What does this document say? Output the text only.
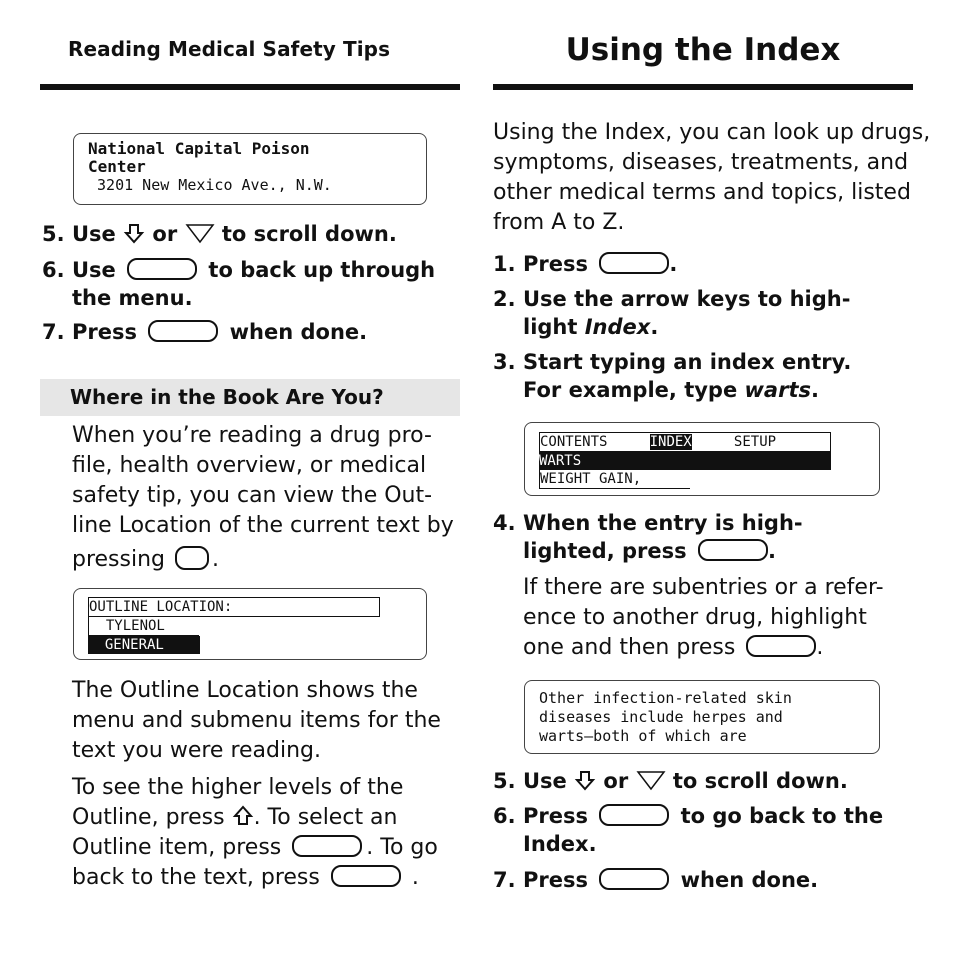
Reading Medical Safety Tips
National Capital Poison
Center
3201 New Mexico Ave., N.W.
5. Use or to scroll down.
6. Use	to back up through
the menu.
7. Press	when done.
Where in the Book Are You?
When you’re reading a drug pro-
file, health overview, or medical
safety tip, you can view the Out-
line Location of the current text by
pressing .
OUTLINE LOCATION:
TYLENOL
GENERAL
The Outline Location shows the
menu and submenu items for the
text you were reading.
To see the higher levels of the
Outline, press . To select an
Outline item, press	. To go
back to the text, press	.
Using the Index
Using the Index, you can look up drugs,
symptoms, diseases, treatments, and
other medical terms and topics, listed
from A to Z.
1. Press	.
2. Use the arrow keys to high-
light Index.
3. Start typing an index entry.
For example, type warts.
CONTENTS	INDEX	SETUP
WARTS
WEIGHT GAIN,
4. When the entry is high-
lighted, press	.
If there are subentries or a refer-
ence to another drug, highlight
one and then press	.
Other infection-related skin
diseases include herpes and
warts—both of which are
5. Use or to scroll down.
6. Press	to go back to the
Index.
7. Press	when done.
